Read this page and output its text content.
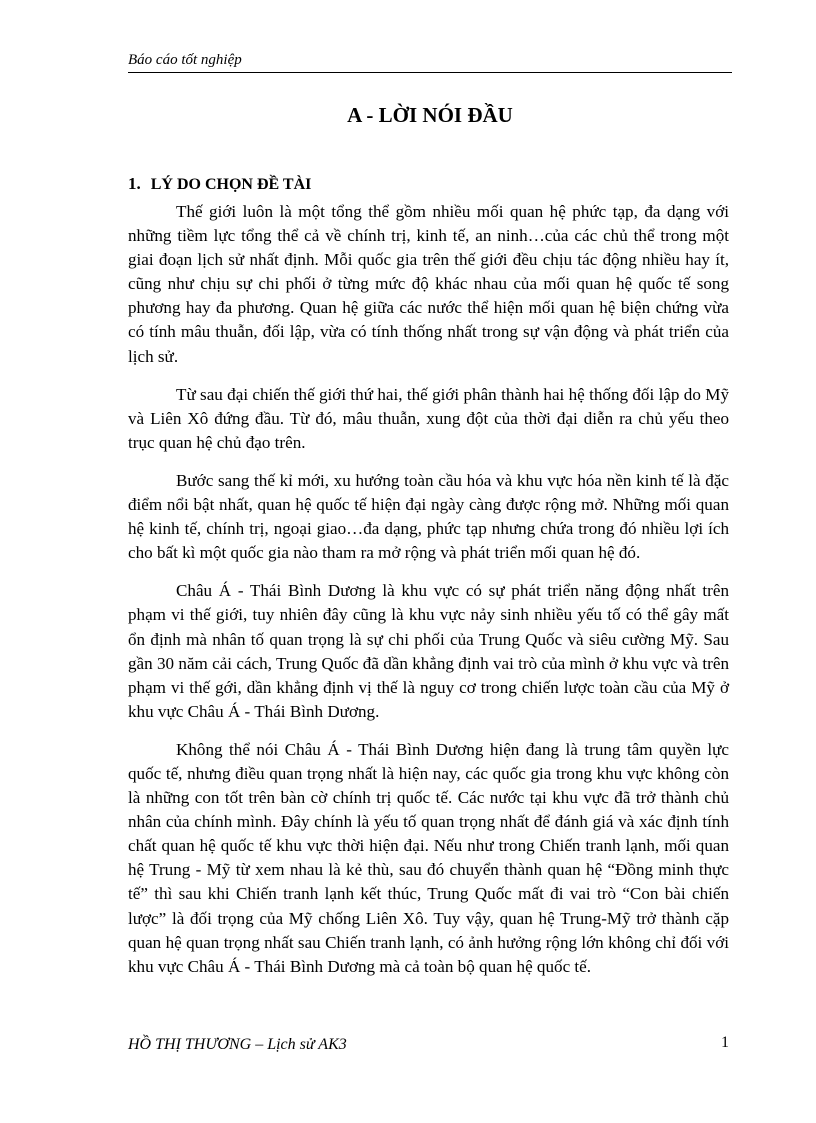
Báo cáo tốt nghiệp
A - LỜI NÓI ĐẦU
1. LÝ DO CHỌN ĐỀ TÀI

Thế giới luôn là một tổng thể gồm nhiều mối quan hệ phức tạp, đa dạng với những tiềm lực tổng thể cả về chính trị, kinh tế, an ninh…của các chủ thể trong một giai đoạn lịch sử nhất định. Mỗi quốc gia trên thế giới đều chịu tác động nhiều hay ít, cũng như chịu sự chi phối ở từng mức độ khác nhau của mối quan hệ quốc tế song phương hay đa phương. Quan hệ giữa các nước thể hiện mối quan hệ biện chứng vừa có tính mâu thuẫn, đối lập, vừa có tính thống nhất trong sự vận động và phát triển của lịch sử.

Từ sau đại chiến thế giới thứ hai, thế giới phân thành hai hệ thống đối lập do Mỹ và Liên Xô đứng đầu. Từ đó, mâu thuẫn, xung đột của thời đại diễn ra chủ yếu theo trục quan hệ chủ đạo trên.

Bước sang thế kỉ mới, xu hướng toàn cầu hóa và khu vực hóa nền kinh tế là đặc điểm nổi bật nhất, quan hệ quốc tế hiện đại ngày càng được rộng mở. Những mối quan hệ kinh tế, chính trị, ngoại giao…đa dạng, phức tạp nhưng chứa trong đó nhiều lợi ích cho bất kì một quốc gia nào tham ra mở rộng và phát triển mối quan hệ đó.

Châu Á - Thái Bình Dương là khu vực có sự phát triển năng động nhất trên phạm vi thế giới, tuy nhiên đây cũng là khu vực nảy sinh nhiều yếu tố có thể gây mất ổn định mà nhân tố quan trọng là sự chi phối của Trung Quốc và siêu cường Mỹ. Sau gần 30 năm cải cách, Trung Quốc đã dần khẳng định vai trò của mình ở khu vực và trên phạm vi thế gới, dần khẳng định vị thế là nguy cơ trong chiến lược toàn cầu của Mỹ ở khu vực Châu Á - Thái Bình Dương.

Không thể nói Châu Á - Thái Bình Dương hiện đang là trung tâm quyền lực quốc tế, nhưng điều quan trọng nhất là hiện nay, các quốc gia trong khu vực không còn là những con tốt trên bàn cờ chính trị quốc tế. Các nước tại khu vực đã trở thành chủ nhân của chính mình. Đây chính là yếu tố quan trọng nhất để đánh giá và xác định tính chất quan hệ quốc tế khu vực thời hiện đại. Nếu như trong Chiến tranh lạnh, mối quan hệ Trung - Mỹ từ xem nhau là kẻ thù, sau đó chuyển thành quan hệ “Đồng minh thực tế” thì sau khi Chiến tranh lạnh kết thúc, Trung Quốc mất đi vai trò “Con bài chiến lược” là đối trọng của Mỹ chống Liên Xô. Tuy vậy, quan hệ Trung-Mỹ trở thành cặp quan hệ quan trọng nhất sau Chiến tranh lạnh, có ảnh hưởng rộng lớn không chỉ đối với khu vực Châu Á - Thái Bình Dương mà cả toàn bộ quan hệ quốc tế.

HỒ THỊ THƯƠNG – Lịch sử AK3	1
